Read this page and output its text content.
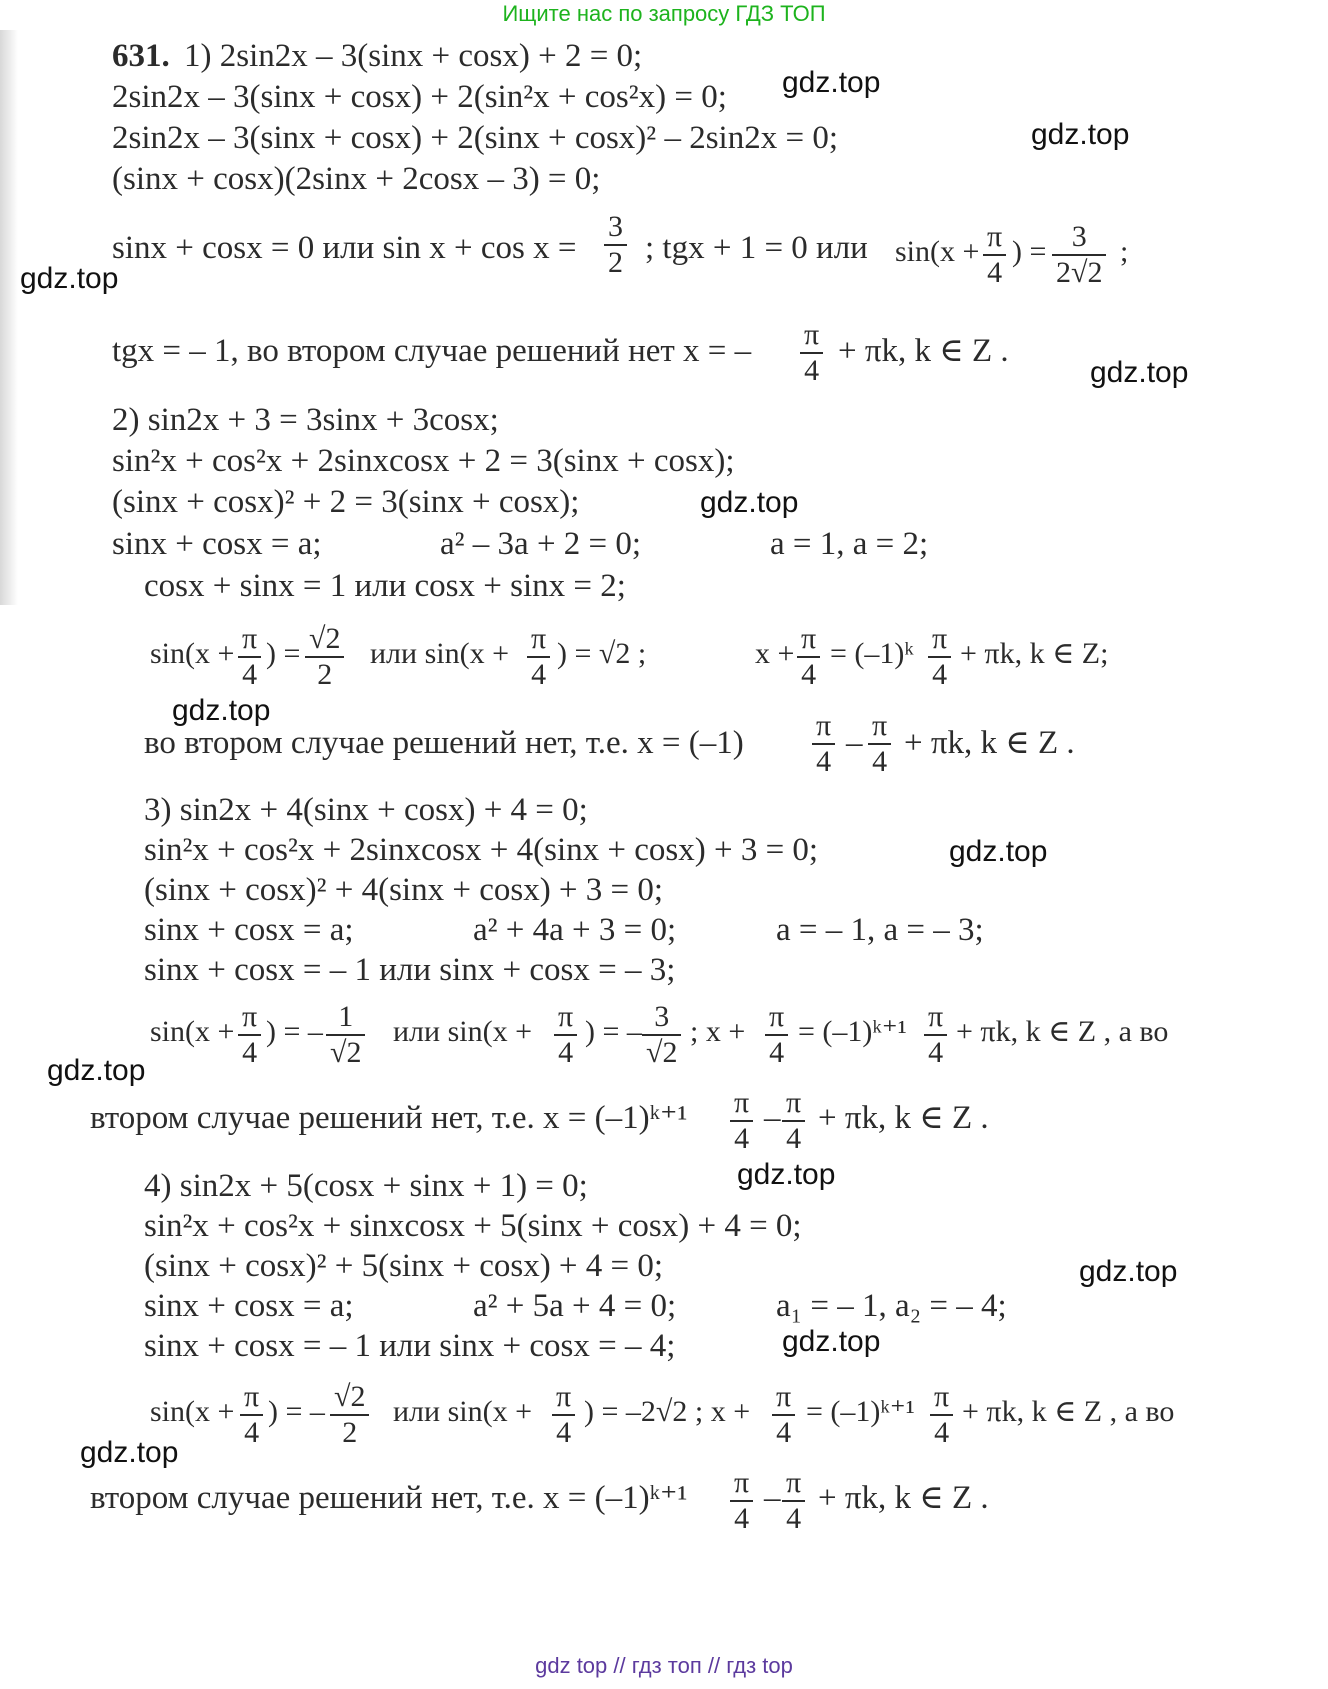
Ищите нас по запросу ГДЗ ТОП
gdz.top
gdz.top
gdz.top
gdz.top
gdz.top
gdz.top
gdz.top
gdz.top
gdz.top
gdz.top
gdz.top
gdz.top
631. 1) 2sin2x – 3(sinx + cosx) + 2 = 0;
2sin2x – 3(sinx + cosx) + 2(sin²x + cos²x) = 0;
2sin2x – 3(sinx + cosx) + 2(sinx + cosx)² – 2sin2x = 0;
(sinx + cosx)(2sinx + 2cosx – 3) = 0;
sinx + cosx = 0 или $\sin x + \cos x = \frac{3}{2}$ ; tgx + 1 = 0 или $\sin(x + \frac{\pi}{4}$ ) = $\frac{3}{2√2}$ ;
tgx = – 1, во втором случае решений нет x = – $\frac{\pi}{4} + \pi k$, k ∈ Z .
2) sin2x + 3 = 3sinx + 3cosx;
sin²x + cos²x + 2sinxcosx + 2 = 3(sinx + cosx);
(sinx + cosx)² + 2 = 3(sinx + cosx);
sinx + cosx = a;	a² – 3a + 2 = 0;	a = 1, a = 2;
cosx + sinx = 1 или cosx + sinx = 2;
$\sin(x + \frac{\pi}{4}$ ) = $\frac{√2}{2}$ или $\sin(x + \frac{\pi}{4}$ ) = √2 ;	$x + \frac{\pi}{4}$ = (–1)ᵏ $\frac{\pi}{4} + \pi k$, k ∈ Z;
во втором случае решений нет, т.е. $x = (-1) \frac{\pi}{4} - \frac{\pi}{4} + \pi k$, k ∈ Z .
3) sin2x + 4(sinx + cosx) + 4 = 0;
sin²x + cos²x + 2sinxcosx + 4(sinx + cosx) + 3 = 0;
(sinx + cosx)² + 4(sinx + cosx) + 3 = 0;
sinx + cosx = a;	a² + 4a + 3 = 0;	a = – 1, a = – 3;
sinx + cosx = – 1 или sinx + cosx = – 3;
$\sin(x + \frac{\pi}{4}$ ) = – $\frac{1}{√2}$ или $\sin(x + \frac{\pi}{4}$ ) = – $\frac{3}{√2}$ ; $x + \frac{\pi}{4}$ = (–1)ᵏ⁺¹ $\frac{\pi}{4} + \pi k$, k ∈ Z , а во
втором случае решений нет, т.е. x = (–1)ᵏ⁺¹ $\frac{\pi}{4} - \frac{\pi}{4} + \pi k$, k ∈ Z .
4) sin2x + 5(cosx + sinx + 1) = 0;
sin²x + cos²x + sinxcosx + 5(sinx + cosx) + 4 = 0;
(sinx + cosx)² + 5(sinx + cosx) + 4 = 0;
sinx + cosx = a;	a² + 5a + 4 = 0;	a₁ = – 1, a₂ = – 4;
sinx + cosx = – 1 или sinx + cosx = – 4;
$\sin(x + \frac{\pi}{4}$ ) = – $\frac{√2}{2}$ или $\sin(x + \frac{\pi}{4}$ ) = –2√2 ; $x + \frac{\pi}{4}$ = (–1)ᵏ⁺¹ $\frac{\pi}{4} + \pi k$, k ∈ Z , а во
втором случае решений нет, т.е. x = (–1)ᵏ⁺¹ $\frac{\pi}{4} - \frac{\pi}{4} + \pi k$, k ∈ Z .
gdz top // гдз топ // гдз top
